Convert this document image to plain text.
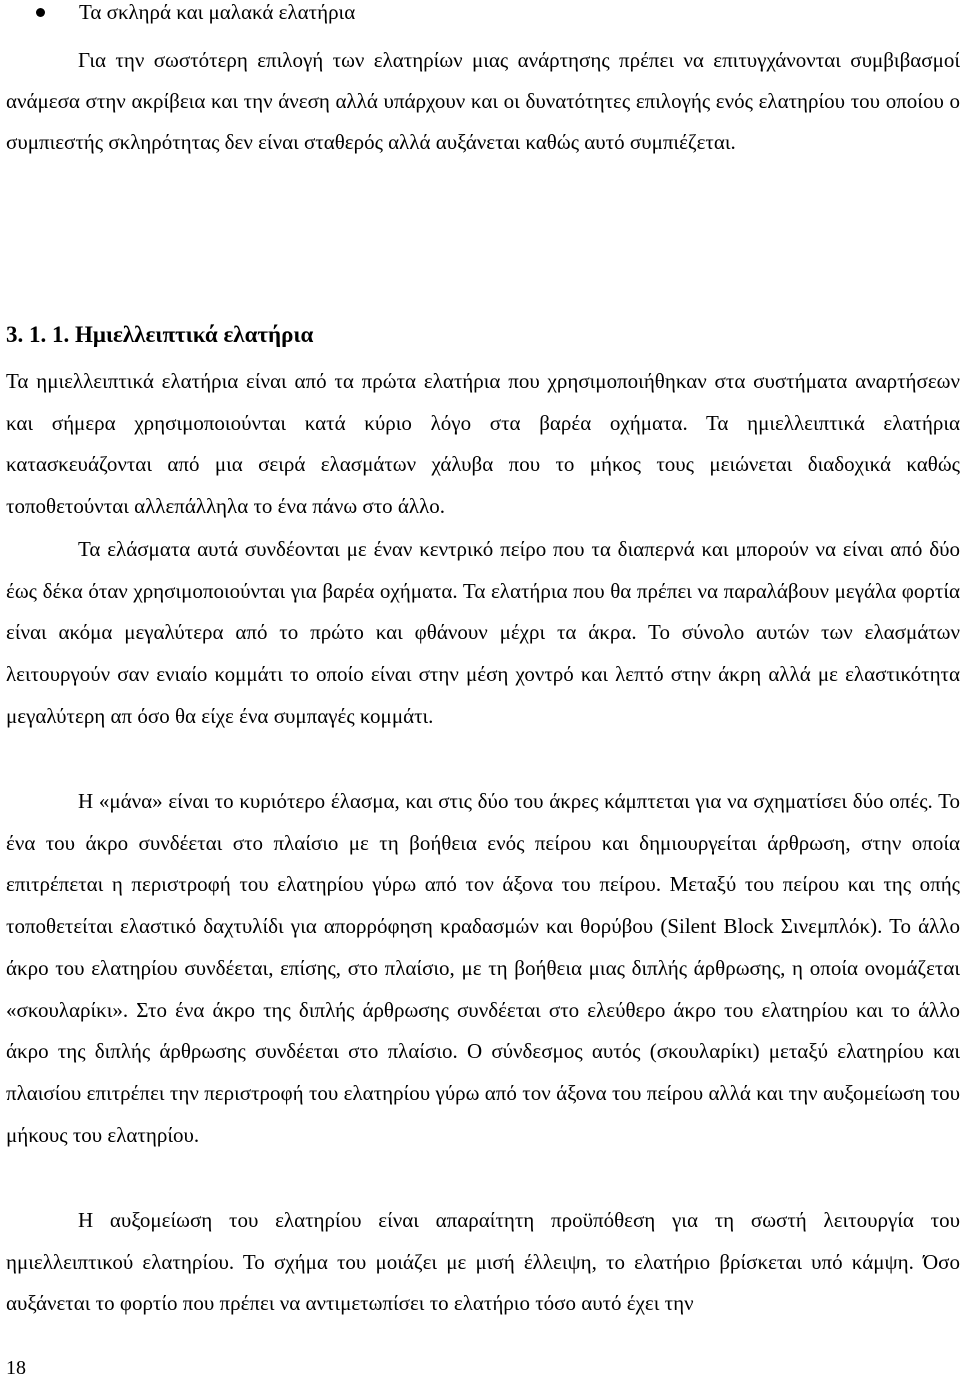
Τα σκληρά και μαλακά ελατήρια

Για την σωστότερη επιλογή των ελατηρίων μιας ανάρτησης πρέπει να επιτυγχάνονται συμβιβασμοί ανάμεσα στην ακρίβεια και την άνεση αλλά υπάρχουν και οι δυνατότητες επιλογής ενός ελατηρίου του οποίου ο συμπιεστής σκληρότητας δεν είναι σταθερός αλλά αυξάνεται καθώς αυτό συμπιέζεται.

3. 1. 1. Ημιελλειπτικά ελατήρια

Τα ημιελλειπτικά ελατήρια είναι από τα πρώτα ελατήρια που χρησιμοποιήθηκαν στα συστήματα αναρτήσεων και σήμερα χρησιμοποιούνται κατά κύριο λόγο στα βαρέα οχήματα. Τα ημιελλειπτικά ελατήρια κατασκευάζονται από μια σειρά ελασμάτων χάλυβα που το μήκος τους μειώνεται διαδοχικά καθώς τοποθετούνται αλλεπάλληλα το ένα πάνω στο άλλο.

Τα ελάσματα αυτά συνδέονται με έναν κεντρικό πείρο που τα διαπερνά και μπορούν να είναι από δύο έως δέκα όταν χρησιμοποιούνται για βαρέα οχήματα. Τα ελατήρια που θα πρέπει να παραλάβουν μεγάλα φορτία είναι ακόμα μεγαλύτερα από το πρώτο και φθάνουν μέχρι τα άκρα. Το σύνολο αυτών των ελασμάτων λειτουργούν σαν ενιαίο κομμάτι το οποίο είναι στην μέση χοντρό και λεπτό στην άκρη αλλά με ελαστικότητα μεγαλύτερη απ όσο θα είχε ένα συμπαγές κομμάτι.

Η «μάνα» είναι το κυριότερο έλασμα, και στις δύο του άκρες κάμπτεται για να σχηματίσει δύο οπές. Το ένα του άκρο συνδέεται στο πλαίσιο με τη βοήθεια ενός πείρου και δημιουργείται άρθρωση, στην οποία επιτρέπεται η περιστροφή του ελατηρίου γύρω από τον άξονα του πείρου. Μεταξύ του πείρου και της οπής τοποθετείται ελαστικό δαχτυλίδι για απορρόφηση κραδασμών και θορύβου (Silent Block Σινεμπλόκ). Το άλλο άκρο του ελατηρίου συνδέεται, επίσης, στο πλαίσιο, με τη βοήθεια μιας διπλής άρθρωσης, η οποία ονομάζεται «σκουλαρίκι». Στο ένα άκρο της διπλής άρθρωσης συνδέεται στο ελεύθερο άκρο του ελατηρίου και το άλλο άκρο της διπλής άρθρωσης συνδέεται στο πλαίσιο. Ο σύνδεσμος αυτός (σκουλαρίκι) μεταξύ ελατηρίου και πλαισίου επιτρέπει την περιστροφή του ελατηρίου γύρω από τον άξονα του πείρου αλλά και την αυξομείωση του μήκους του ελατηρίου.

Η αυξομείωση του ελατηρίου είναι απαραίτητη προϋπόθεση για τη σωστή λειτουργία του ημιελλειπτικού ελατηρίου. Το σχήμα του μοιάζει με μισή έλλειψη, το ελατήριο βρίσκεται υπό κάμψη. Όσο αυξάνεται το φορτίο που πρέπει να αντιμετωπίσει το ελατήριο τόσο αυτό έχει την

18
